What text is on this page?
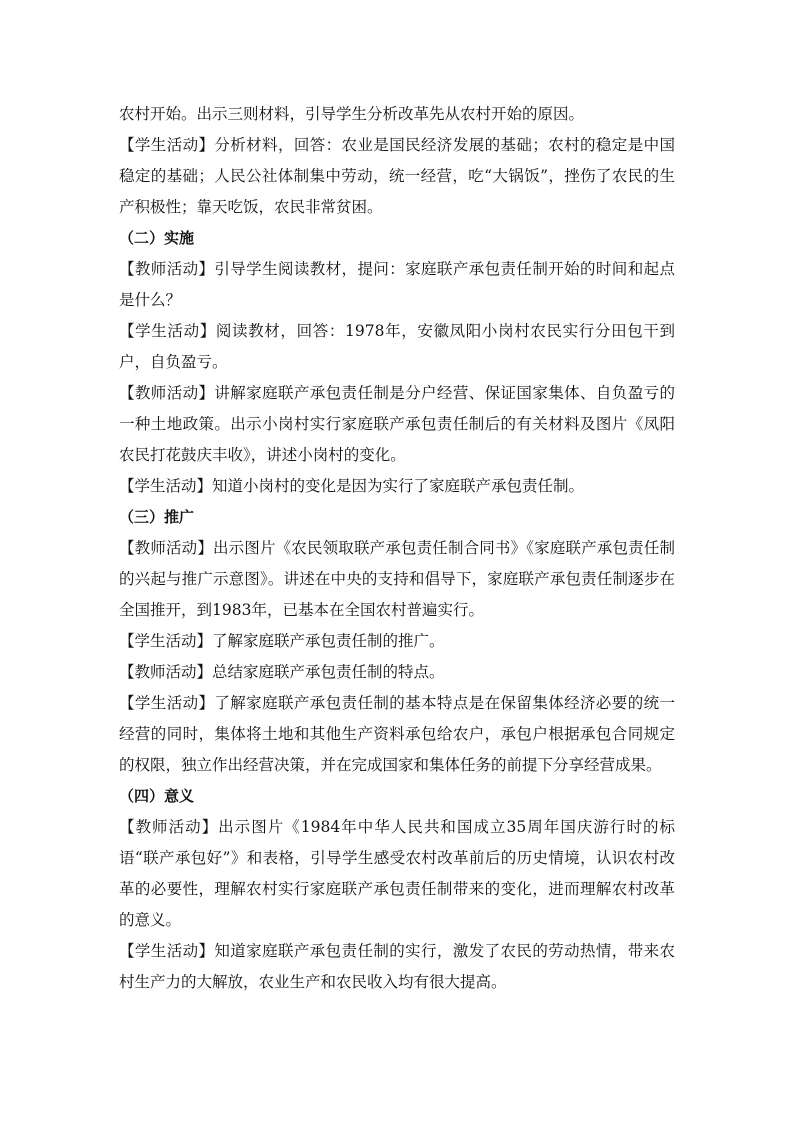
农村开始。出示三则材料，引导学生分析改革先从农村开始的原因。

【学生活动】分析材料，回答：农业是国民经济发展的基础；农村的稳定是中国稳定的基础；人民公社体制集中劳动，统一经营，吃“大锅饭”，挫伤了农民的生产积极性；靠天吃饭，农民非常贫困。

（二）实施

【教师活动】引导学生阅读教材，提问：家庭联产承包责任制开始的时间和起点是什么？

【学生活动】阅读教材，回答：1978年，安徽凤阳小岗村农民实行分田包干到户，自负盈亏。

【教师活动】讲解家庭联产承包责任制是分户经营、保证国家集体、自负盈亏的一种土地政策。出示小岗村实行家庭联产承包责任制后的有关材料及图片《凤阳农民打花鼓庆丰收》，讲述小岗村的变化。

【学生活动】知道小岗村的变化是因为实行了家庭联产承包责任制。

（三）推广

【教师活动】出示图片《农民领取联产承包责任制合同书》《家庭联产承包责任制的兴起与推广示意图》。讲述在中央的支持和倡导下，家庭联产承包责任制逐步在全国推开，到1983年，已基本在全国农村普遍实行。

【学生活动】了解家庭联产承包责任制的推广。

【教师活动】总结家庭联产承包责任制的特点。

【学生活动】了解家庭联产承包责任制的基本特点是在保留集体经济必要的统一经营的同时，集体将土地和其他生产资料承包给农户，承包户根据承包合同规定的权限，独立作出经营决策，并在完成国家和集体任务的前提下分享经营成果。

（四）意义

【教师活动】出示图片《1984年中华人民共和国成立35周年国庆游行时的标语“联产承包好”》和表格，引导学生感受农村改革前后的历史情境，认识农村改革的必要性，理解农村实行家庭联产承包责任制带来的变化，进而理解农村改革的意义。

【学生活动】知道家庭联产承包责任制的实行，激发了农民的劳动热情，带来农村生产力的大解放，农业生产和农民收入均有很大提高。
